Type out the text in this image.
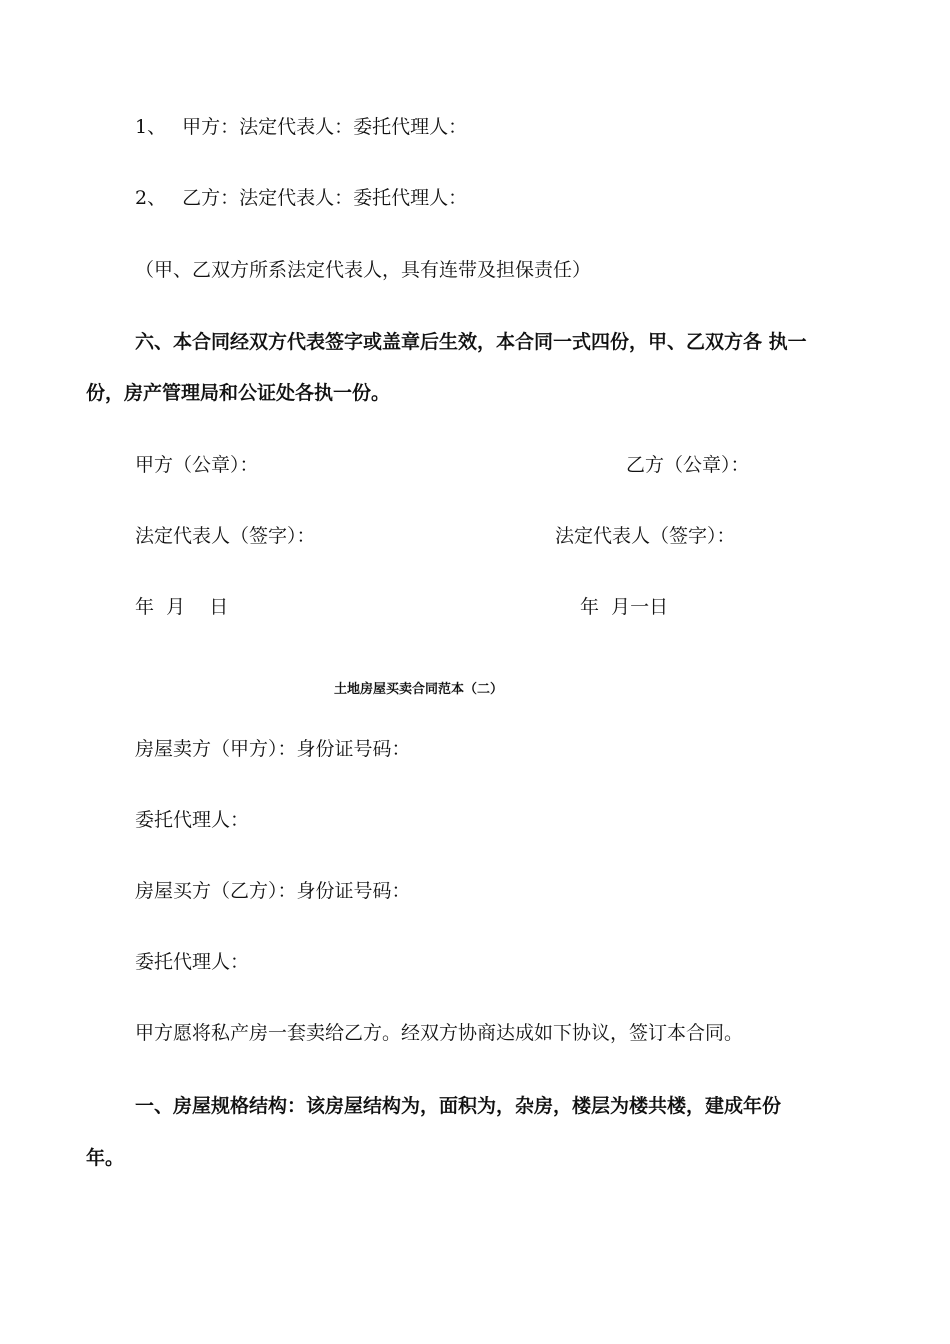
1、 甲方：法定代表人：委托代理人：
2、 乙方：法定代表人：委托代理人：
（甲、乙双方所系法定代表人，具有连带及担保责任）
六、本合同经双方代表签字或盖章后生效，本合同一式四份，甲、乙双方各 执一
份，房产管理局和公证处各执一份。
甲方（公章）：	乙方（公章）：
法定代表人（签字）：	法定代表人（签字）：
年  月    日	年  月一日
土地房屋买卖合同范本（二）
房屋卖方（甲方）：身份证号码：
委托代理人：
房屋买方（乙方）：身份证号码：
委托代理人：
甲方愿将私产房一套卖给乙方。经双方协商达成如下协议，签订本合同。
一、房屋规格结构：该房屋结构为，面积为，杂房，楼层为楼共楼，建成年份
年。
